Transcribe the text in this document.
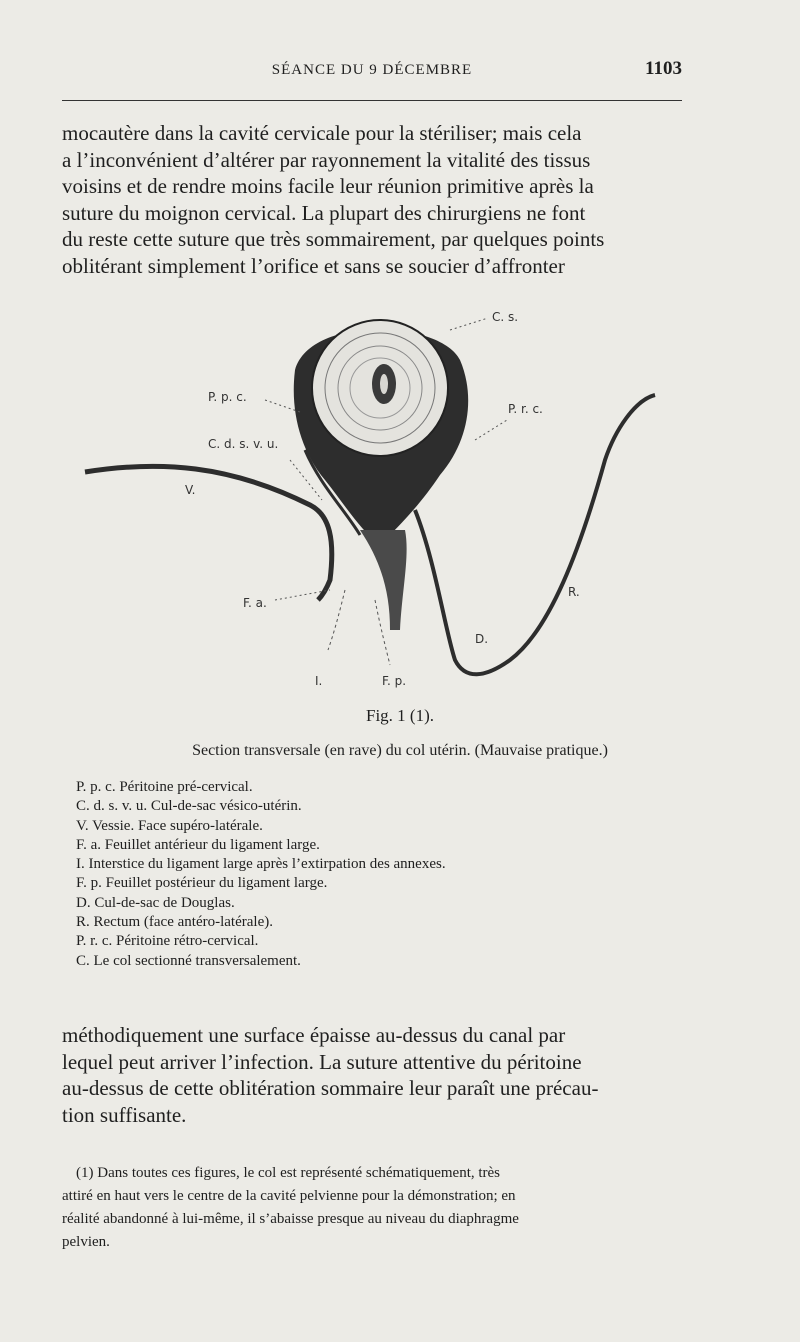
SÉANCE DU 9 DÉCEMBRE	1103
mocautère dans la cavité cervicale pour la stériliser; mais cela
a l’inconvénient d’altérer par rayonnement la vitalité des tissus
voisins et de rendre moins facile leur réunion primitive après la
suture du moignon cervical. La plupart des chirurgiens ne font
du reste cette suture que très sommairement, par quelques points
oblitérant simplement l’orifice et sans se soucier d’affronter
C. s.
P. p. c.
P. r. c.
C. d. s. v. u.
V.
F. a.
R.
D.
I.	F. p.
Fig. 1 (1).
Section transversale (en rave) du col utérin. (Mauvaise pratique.)
P. p. c. Péritoine pré-cervical.
C. d. s. v. u. Cul-de-sac vésico-utérin.
V. Vessie. Face supéro-latérale.
F. a. Feuillet antérieur du ligament large.
I. Interstice du ligament large après l’extirpation des annexes.
F. p. Feuillet postérieur du ligament large.
D. Cul-de-sac de Douglas.
R. Rectum (face antéro-latérale).
P. r. c. Péritoine rétro-cervical.
C. Le col sectionné transversalement.
méthodiquement une surface épaisse au-dessus du canal par
lequel peut arriver l’infection. La suture attentive du péritoine
au-dessus de cette oblitération sommaire leur paraît une précau-
tion suffisante.
(1) Dans toutes ces figures, le col est représenté schématiquement, très
attiré en haut vers le centre de la cavité pelvienne pour la démonstration; en
réalité abandonné à lui-même, il s’abaisse presque au niveau du diaphragme
pelvien.
